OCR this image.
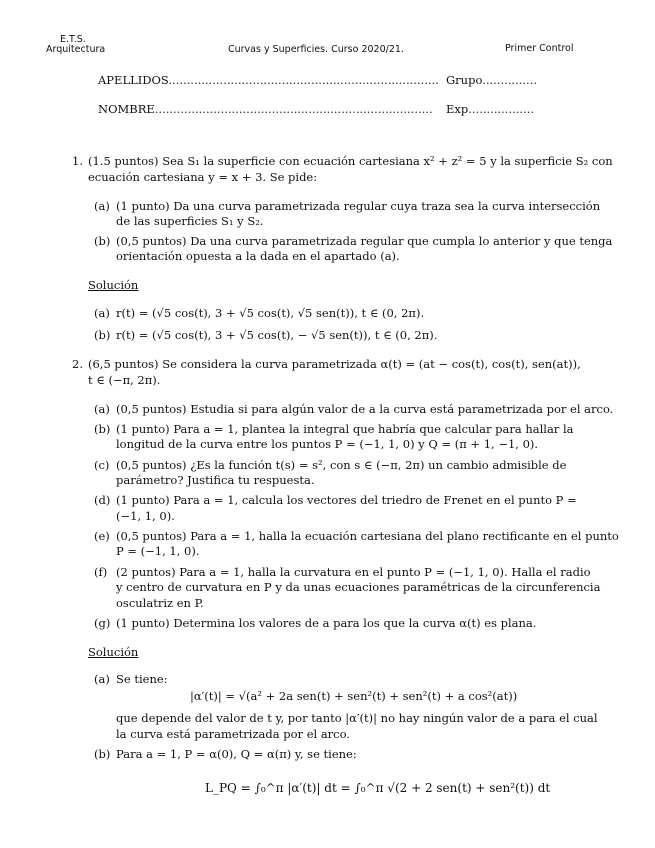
E.T.S.
Arquitectura	Curvas y Superficies. Curso 2020/21.	Primer Control
APELLIDOS.......................................................................... Grupo...............
NOMBRE............................................................................ Exp..................
1. (1.5 puntos) Sea S₁ la superficie con ecuación cartesiana x² + z² = 5 y la superficie S₂ con
ecuación cartesiana y = x + 3. Se pide:
(a) (1 punto) Da una curva parametrizada regular cuya traza sea la curva intersección
de las superficies S₁ y S₂.
(b) (0,5 puntos) Da una curva parametrizada regular que cumpla lo anterior y que tenga
orientación opuesta a la dada en el apartado (a).
Solución
(a) r(t) = (√5 cos(t), 3 + √5 cos(t), √5 sen(t)), t ∈ (0, 2π).
(b) r(t) = (√5 cos(t), 3 + √5 cos(t), − √5 sen(t)), t ∈ (0, 2π).
2. (6,5 puntos) Se considera la curva parametrizada α(t) = (at − cos(t), cos(t), sen(at)),
t ∈ (−π, 2π).
(a) (0,5 puntos) Estudia si para algún valor de a la curva está parametrizada por el arco.
(b) (1 punto) Para a = 1, plantea la integral que habría que calcular para hallar la
longitud de la curva entre los puntos P = (−1, 1, 0) y Q = (π + 1, −1, 0).
(c) (0,5 puntos) ¿Es la función t(s) = s², con s ∈ (−π, 2π) un cambio admisible de
parámetro? Justifica tu respuesta.
(d) (1 punto) Para a = 1, calcula los vectores del triedro de Frenet en el punto P =
(−1, 1, 0).
(e) (0,5 puntos) Para a = 1, halla la ecuación cartesiana del plano rectificante en el punto
P = (−1, 1, 0).
(f) (2 puntos) Para a = 1, halla la curvatura en el punto P = (−1, 1, 0). Halla el radio
y centro de curvatura en P y da unas ecuaciones paramétricas de la circunferencia
osculatriz en P.
(g) (1 punto) Determina los valores de a para los que la curva α(t) es plana.
Solución
(a) Se tiene:
|α′(t)| = √(a² + 2a sen(t) + sen²(t) + sen²(t) + a cos²(at))
que depende del valor de t y, por tanto |α′(t)| no hay ningún valor de a para el cual
la curva está parametrizada por el arco.
(b) Para a = 1, P = α(0), Q = α(π) y, se tiene:
L_PQ = ∫₀^π |α′(t)| dt = ∫₀^π √(2 + 2 sen(t) + sen²(t)) dt
